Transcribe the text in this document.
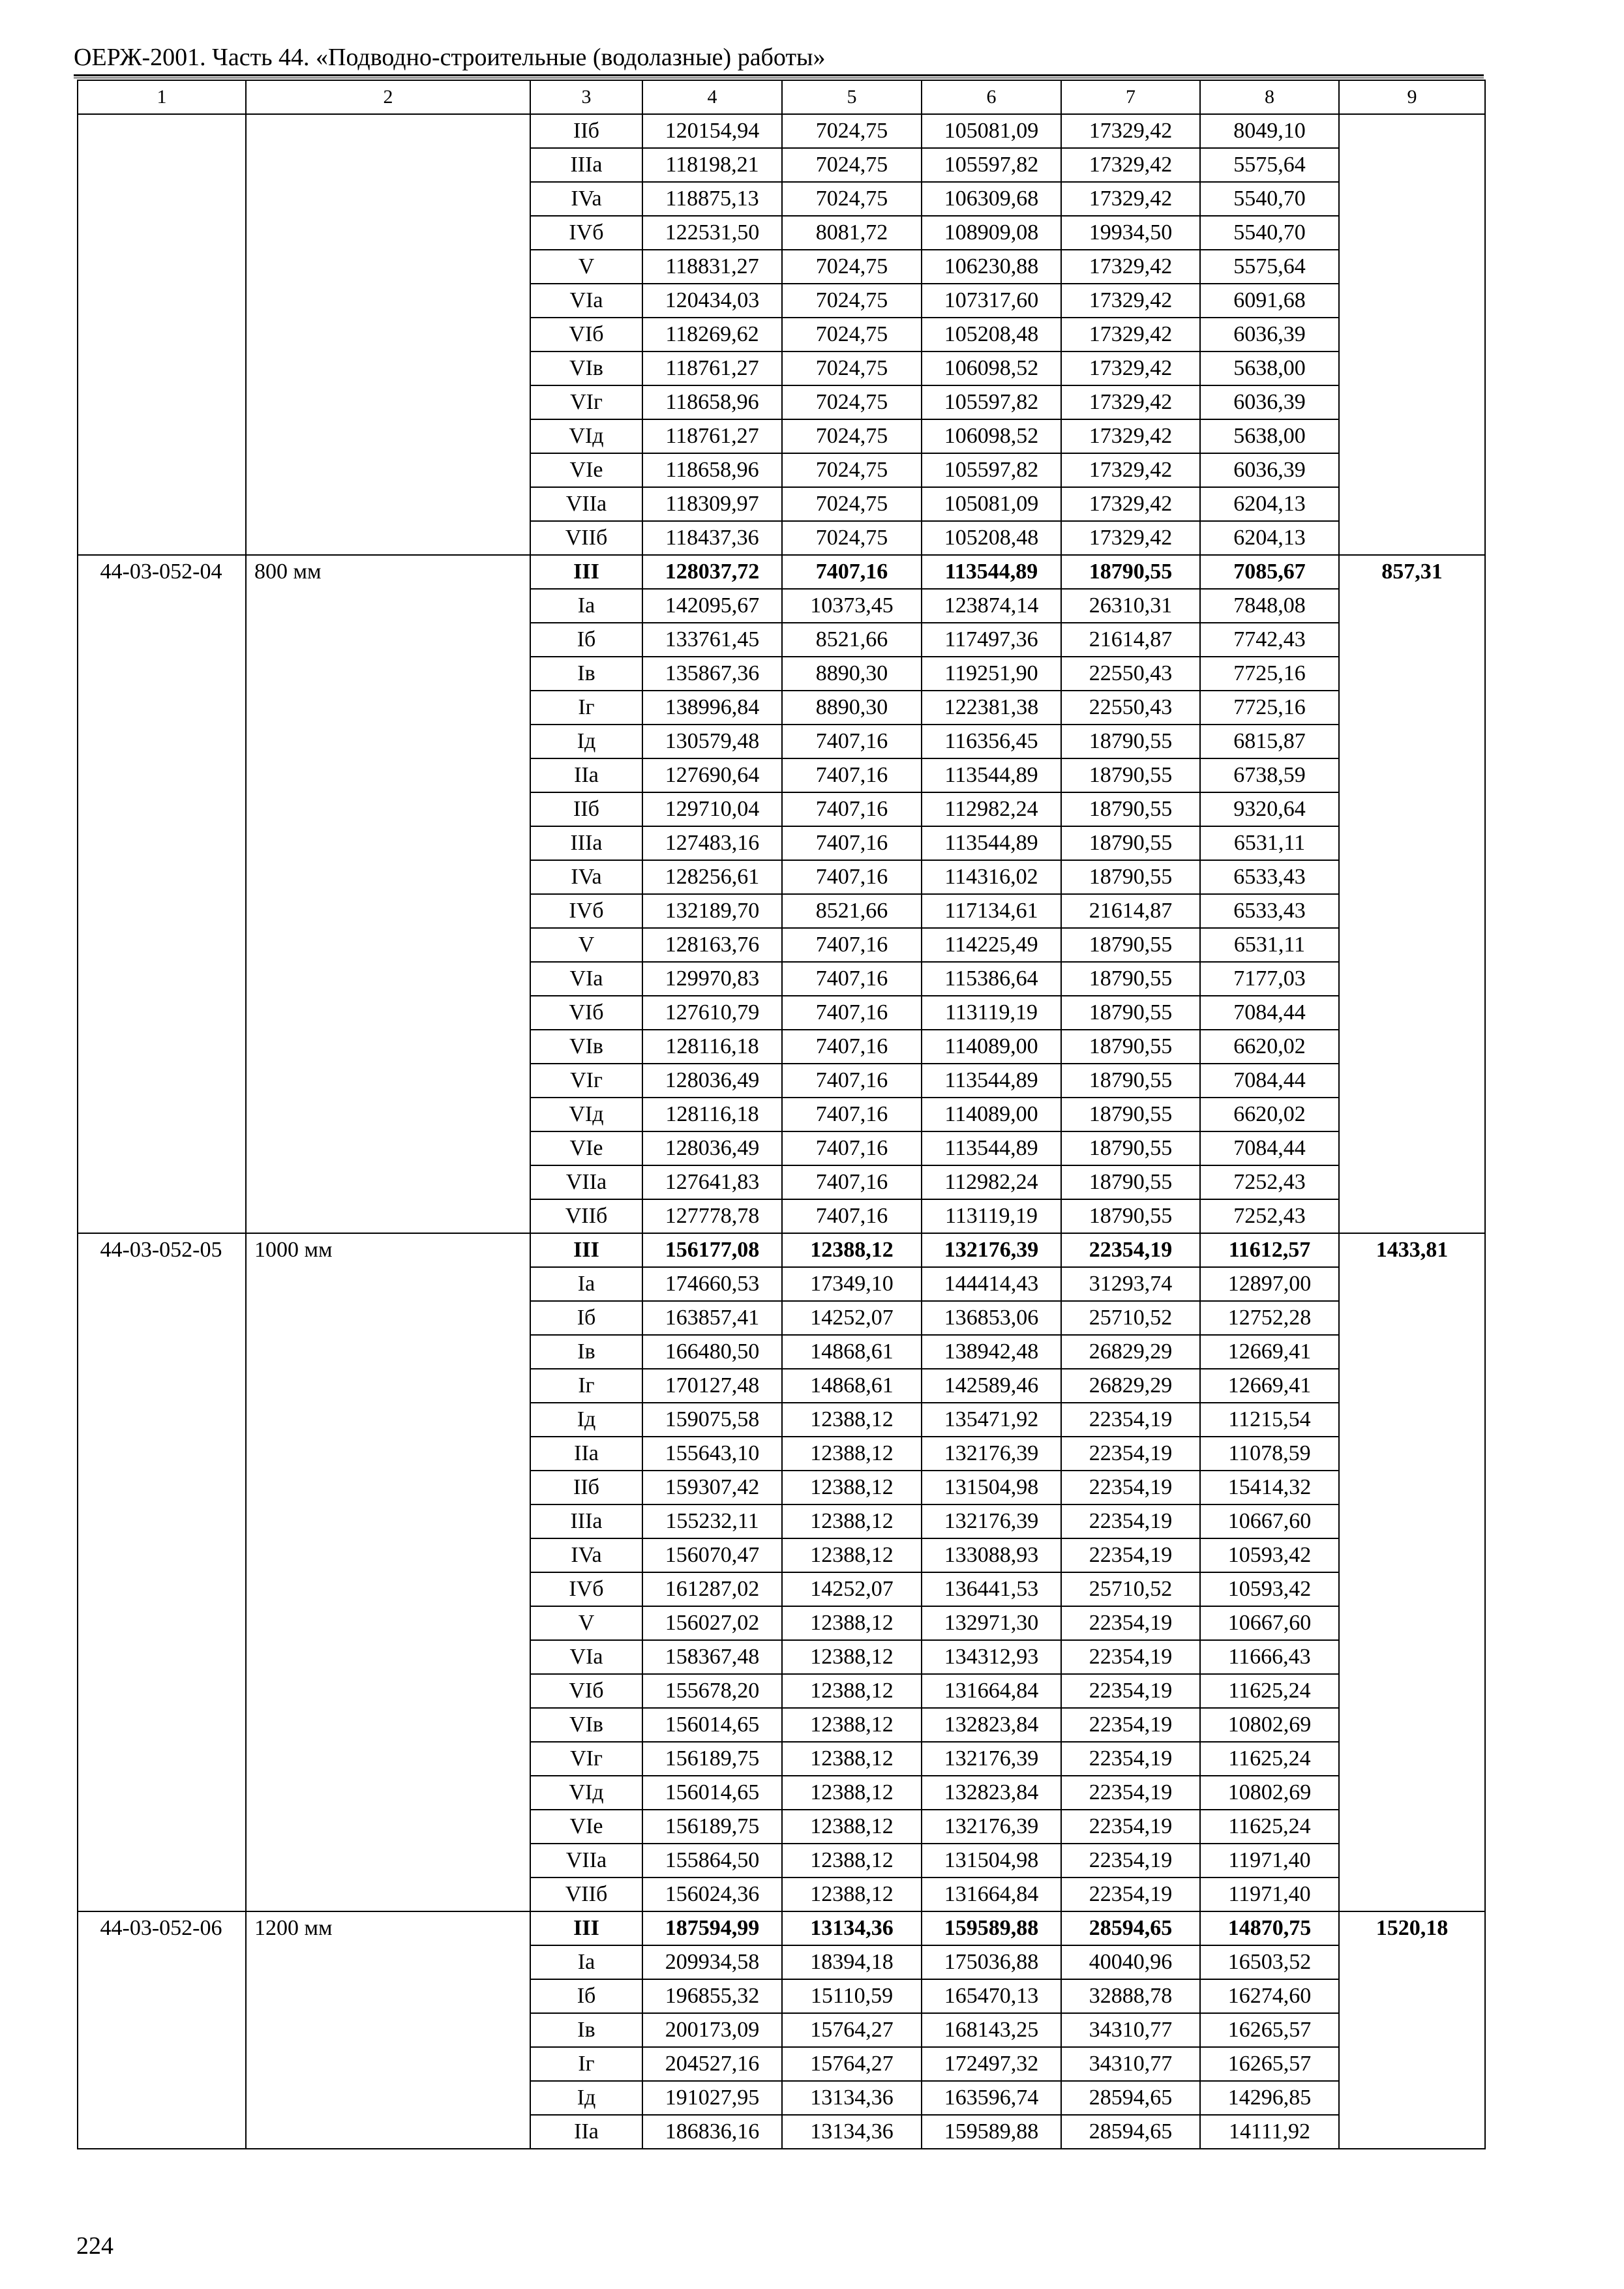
ОЕРЖ-2001. Часть 44. «Подводно-строительные (водолазные) работы»
1	2	3	4	5	6	7	8	9
		IIб	120154,94	7024,75	105081,09	17329,42	8049,10	
		IIIa	118198,21	7024,75	105597,82	17329,42	5575,64	
		IVa	118875,13	7024,75	106309,68	17329,42	5540,70	
		IVб	122531,50	8081,72	108909,08	19934,50	5540,70	
		V	118831,27	7024,75	106230,88	17329,42	5575,64	
		VIa	120434,03	7024,75	107317,60	17329,42	6091,68	
		VIб	118269,62	7024,75	105208,48	17329,42	6036,39	
		VIв	118761,27	7024,75	106098,52	17329,42	5638,00	
		VIг	118658,96	7024,75	105597,82	17329,42	6036,39	
		VIд	118761,27	7024,75	106098,52	17329,42	5638,00	
		VIe	118658,96	7024,75	105597,82	17329,42	6036,39	
		VIIa	118309,97	7024,75	105081,09	17329,42	6204,13	
		VIIб	118437,36	7024,75	105208,48	17329,42	6204,13	
44-03-052-04	800 мм	III	128037,72	7407,16	113544,89	18790,55	7085,67	857,31
		Ia	142095,67	10373,45	123874,14	26310,31	7848,08	
		Iб	133761,45	8521,66	117497,36	21614,87	7742,43	
		Iв	135867,36	8890,30	119251,90	22550,43	7725,16	
		Iг	138996,84	8890,30	122381,38	22550,43	7725,16	
		Iд	130579,48	7407,16	116356,45	18790,55	6815,87	
		IIa	127690,64	7407,16	113544,89	18790,55	6738,59	
		IIб	129710,04	7407,16	112982,24	18790,55	9320,64	
		IIIa	127483,16	7407,16	113544,89	18790,55	6531,11	
		IVa	128256,61	7407,16	114316,02	18790,55	6533,43	
		IVб	132189,70	8521,66	117134,61	21614,87	6533,43	
		V	128163,76	7407,16	114225,49	18790,55	6531,11	
		VIa	129970,83	7407,16	115386,64	18790,55	7177,03	
		VIб	127610,79	7407,16	113119,19	18790,55	7084,44	
		VIв	128116,18	7407,16	114089,00	18790,55	6620,02	
		VIг	128036,49	7407,16	113544,89	18790,55	7084,44	
		VIд	128116,18	7407,16	114089,00	18790,55	6620,02	
		VIe	128036,49	7407,16	113544,89	18790,55	7084,44	
		VIIa	127641,83	7407,16	112982,24	18790,55	7252,43	
		VIIб	127778,78	7407,16	113119,19	18790,55	7252,43	
44-03-052-05	1000 мм	III	156177,08	12388,12	132176,39	22354,19	11612,57	1433,81
		Ia	174660,53	17349,10	144414,43	31293,74	12897,00	
		Iб	163857,41	14252,07	136853,06	25710,52	12752,28	
		Iв	166480,50	14868,61	138942,48	26829,29	12669,41	
		Iг	170127,48	14868,61	142589,46	26829,29	12669,41	
		Iд	159075,58	12388,12	135471,92	22354,19	11215,54	
		IIa	155643,10	12388,12	132176,39	22354,19	11078,59	
		IIб	159307,42	12388,12	131504,98	22354,19	15414,32	
		IIIa	155232,11	12388,12	132176,39	22354,19	10667,60	
		IVa	156070,47	12388,12	133088,93	22354,19	10593,42	
		IVб	161287,02	14252,07	136441,53	25710,52	10593,42	
		V	156027,02	12388,12	132971,30	22354,19	10667,60	
		VIa	158367,48	12388,12	134312,93	22354,19	11666,43	
		VIб	155678,20	12388,12	131664,84	22354,19	11625,24	
		VIв	156014,65	12388,12	132823,84	22354,19	10802,69	
		VIг	156189,75	12388,12	132176,39	22354,19	11625,24	
		VIд	156014,65	12388,12	132823,84	22354,19	10802,69	
		VIe	156189,75	12388,12	132176,39	22354,19	11625,24	
		VIIa	155864,50	12388,12	131504,98	22354,19	11971,40	
		VIIб	156024,36	12388,12	131664,84	22354,19	11971,40	
44-03-052-06	1200 мм	III	187594,99	13134,36	159589,88	28594,65	14870,75	1520,18
		Ia	209934,58	18394,18	175036,88	40040,96	16503,52	
		Iб	196855,32	15110,59	165470,13	32888,78	16274,60	
		Iв	200173,09	15764,27	168143,25	34310,77	16265,57	
		Iг	204527,16	15764,27	172497,32	34310,77	16265,57	
		Iд	191027,95	13134,36	163596,74	28594,65	14296,85	
		IIa	186836,16	13134,36	159589,88	28594,65	14111,92	
224
